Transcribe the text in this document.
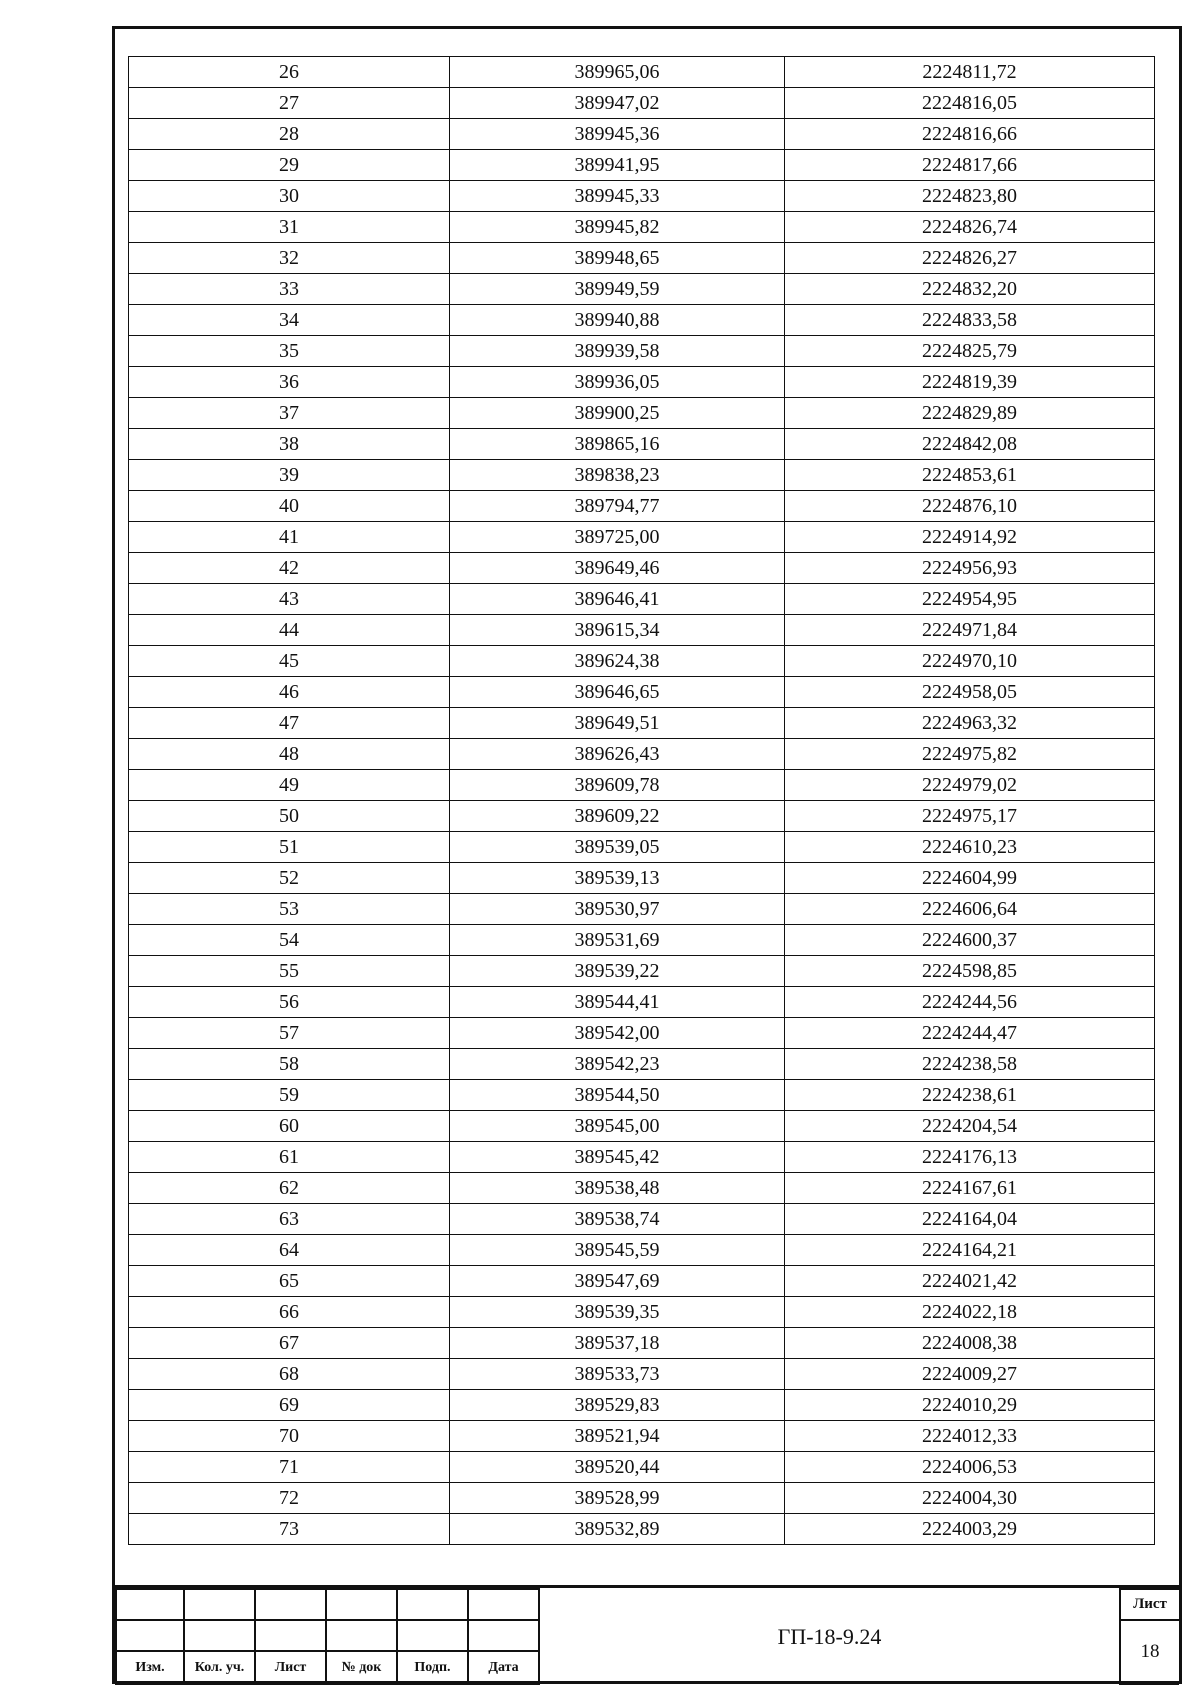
26	389965,06	2224811,72
27	389947,02	2224816,05
28	389945,36	2224816,66
29	389941,95	2224817,66
30	389945,33	2224823,80
31	389945,82	2224826,74
32	389948,65	2224826,27
33	389949,59	2224832,20
34	389940,88	2224833,58
35	389939,58	2224825,79
36	389936,05	2224819,39
37	389900,25	2224829,89
38	389865,16	2224842,08
39	389838,23	2224853,61
40	389794,77	2224876,10
41	389725,00	2224914,92
42	389649,46	2224956,93
43	389646,41	2224954,95
44	389615,34	2224971,84
45	389624,38	2224970,10
46	389646,65	2224958,05
47	389649,51	2224963,32
48	389626,43	2224975,82
49	389609,78	2224979,02
50	389609,22	2224975,17
51	389539,05	2224610,23
52	389539,13	2224604,99
53	389530,97	2224606,64
54	389531,69	2224600,37
55	389539,22	2224598,85
56	389544,41	2224244,56
57	389542,00	2224244,47
58	389542,23	2224238,58
59	389544,50	2224238,61
60	389545,00	2224204,54
61	389545,42	2224176,13
62	389538,48	2224167,61
63	389538,74	2224164,04
64	389545,59	2224164,21
65	389547,69	2224021,42
66	389539,35	2224022,18
67	389537,18	2224008,38
68	389533,73	2224009,27
69	389529,83	2224010,29
70	389521,94	2224012,33
71	389520,44	2224006,53
72	389528,99	2224004,30
73	389532,89	2224003,29
						ГП-18-9.24	Лист
							18
Изм.	Кол. уч.	Лист	№ док	Подп.	Дата		
